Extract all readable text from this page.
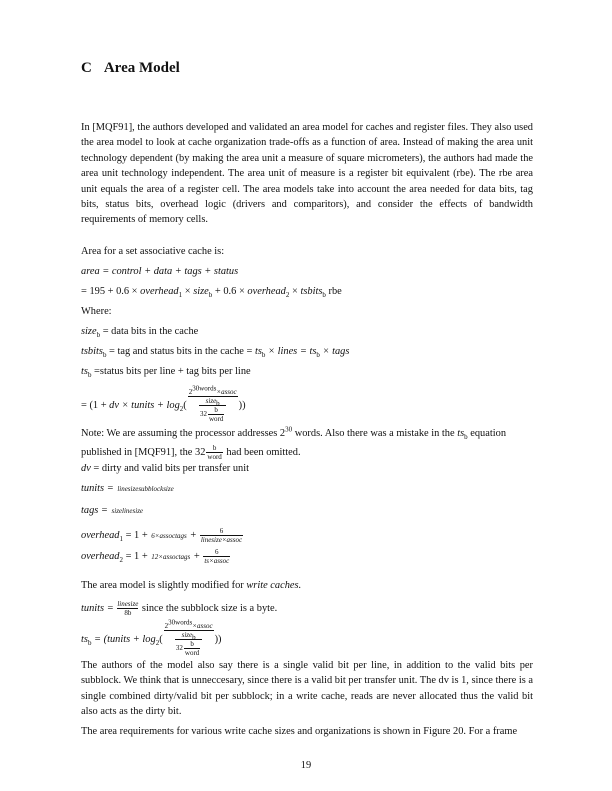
C Area Model
In [MQF91], the authors developed and validated an area model for caches and register files. They also used the area model to look at cache organization trade-offs as a function of area. Instead of making the area unit technology dependent (by making the area unit a measure of square micrometers), the authors had made the area unit technology independent. The area unit of measure is a register bit equivalent (rbe). The rbe area unit equals the area of a register cell. The area models take into account the area needed for data bits, tag bits, status bits, overhead logic (drivers and comparitors), and consider the effects of bandwidth requirements of memory cells.
Area for a set associative cache is:
area = control + data + tags + status
= 195 + 0.6 × overhead$_1$ × size$_b$ + 0.6 × overhead$_2$ × tsbits$_b$ rbe
Where:
size$_b$ = data bits in the cache
tsbits$_b$ = tag and status bits in the cache = $ts_b$ × lines = $ts_b$ × tags
$ts_b$ =status bits per line + tag bits per line
= (1 + dv × tunits + $\log_2$(
$2^{30words}\times assoc$
size$_b$
32
b
word
))
Note: We are assuming the processor addresses $2^{30}$ words. Also there was a mistake in the $ts_b$ equation
published in [MQF91], the 32	b
word had been omitted.
dv = dirty and valid bits per transfer unit
tunits = linesizesubblocksize
tags = sizelinesize
overhead$_1$ = 1 + 6×assoctags +	6
linesize×assoc
overhead$_2$ = 1 + 12×assoctags +	6
ts×assoc
The area model is slightly modified for write caches.
tunits = linesize
8b since the subblock size is a byte.
$ts_b$ = (tunits + $\log_2$(
$2^{30words}\times assoc$
size$_b$
32
b
word
))
The authors of the model also say there is a single valid bit per line, in addition to the valid bits per subblock. We think that is unneccesary, since there is a valid bit per transfer unit. The dv is 1, since there is a single combined dirty/valid bit per subblock; in a write cache, reads are never allocated thus the valid bit also acts as the dirty bit.
The area requirements for various write cache sizes and organizations is shown in Figure 20. For a frame
19
